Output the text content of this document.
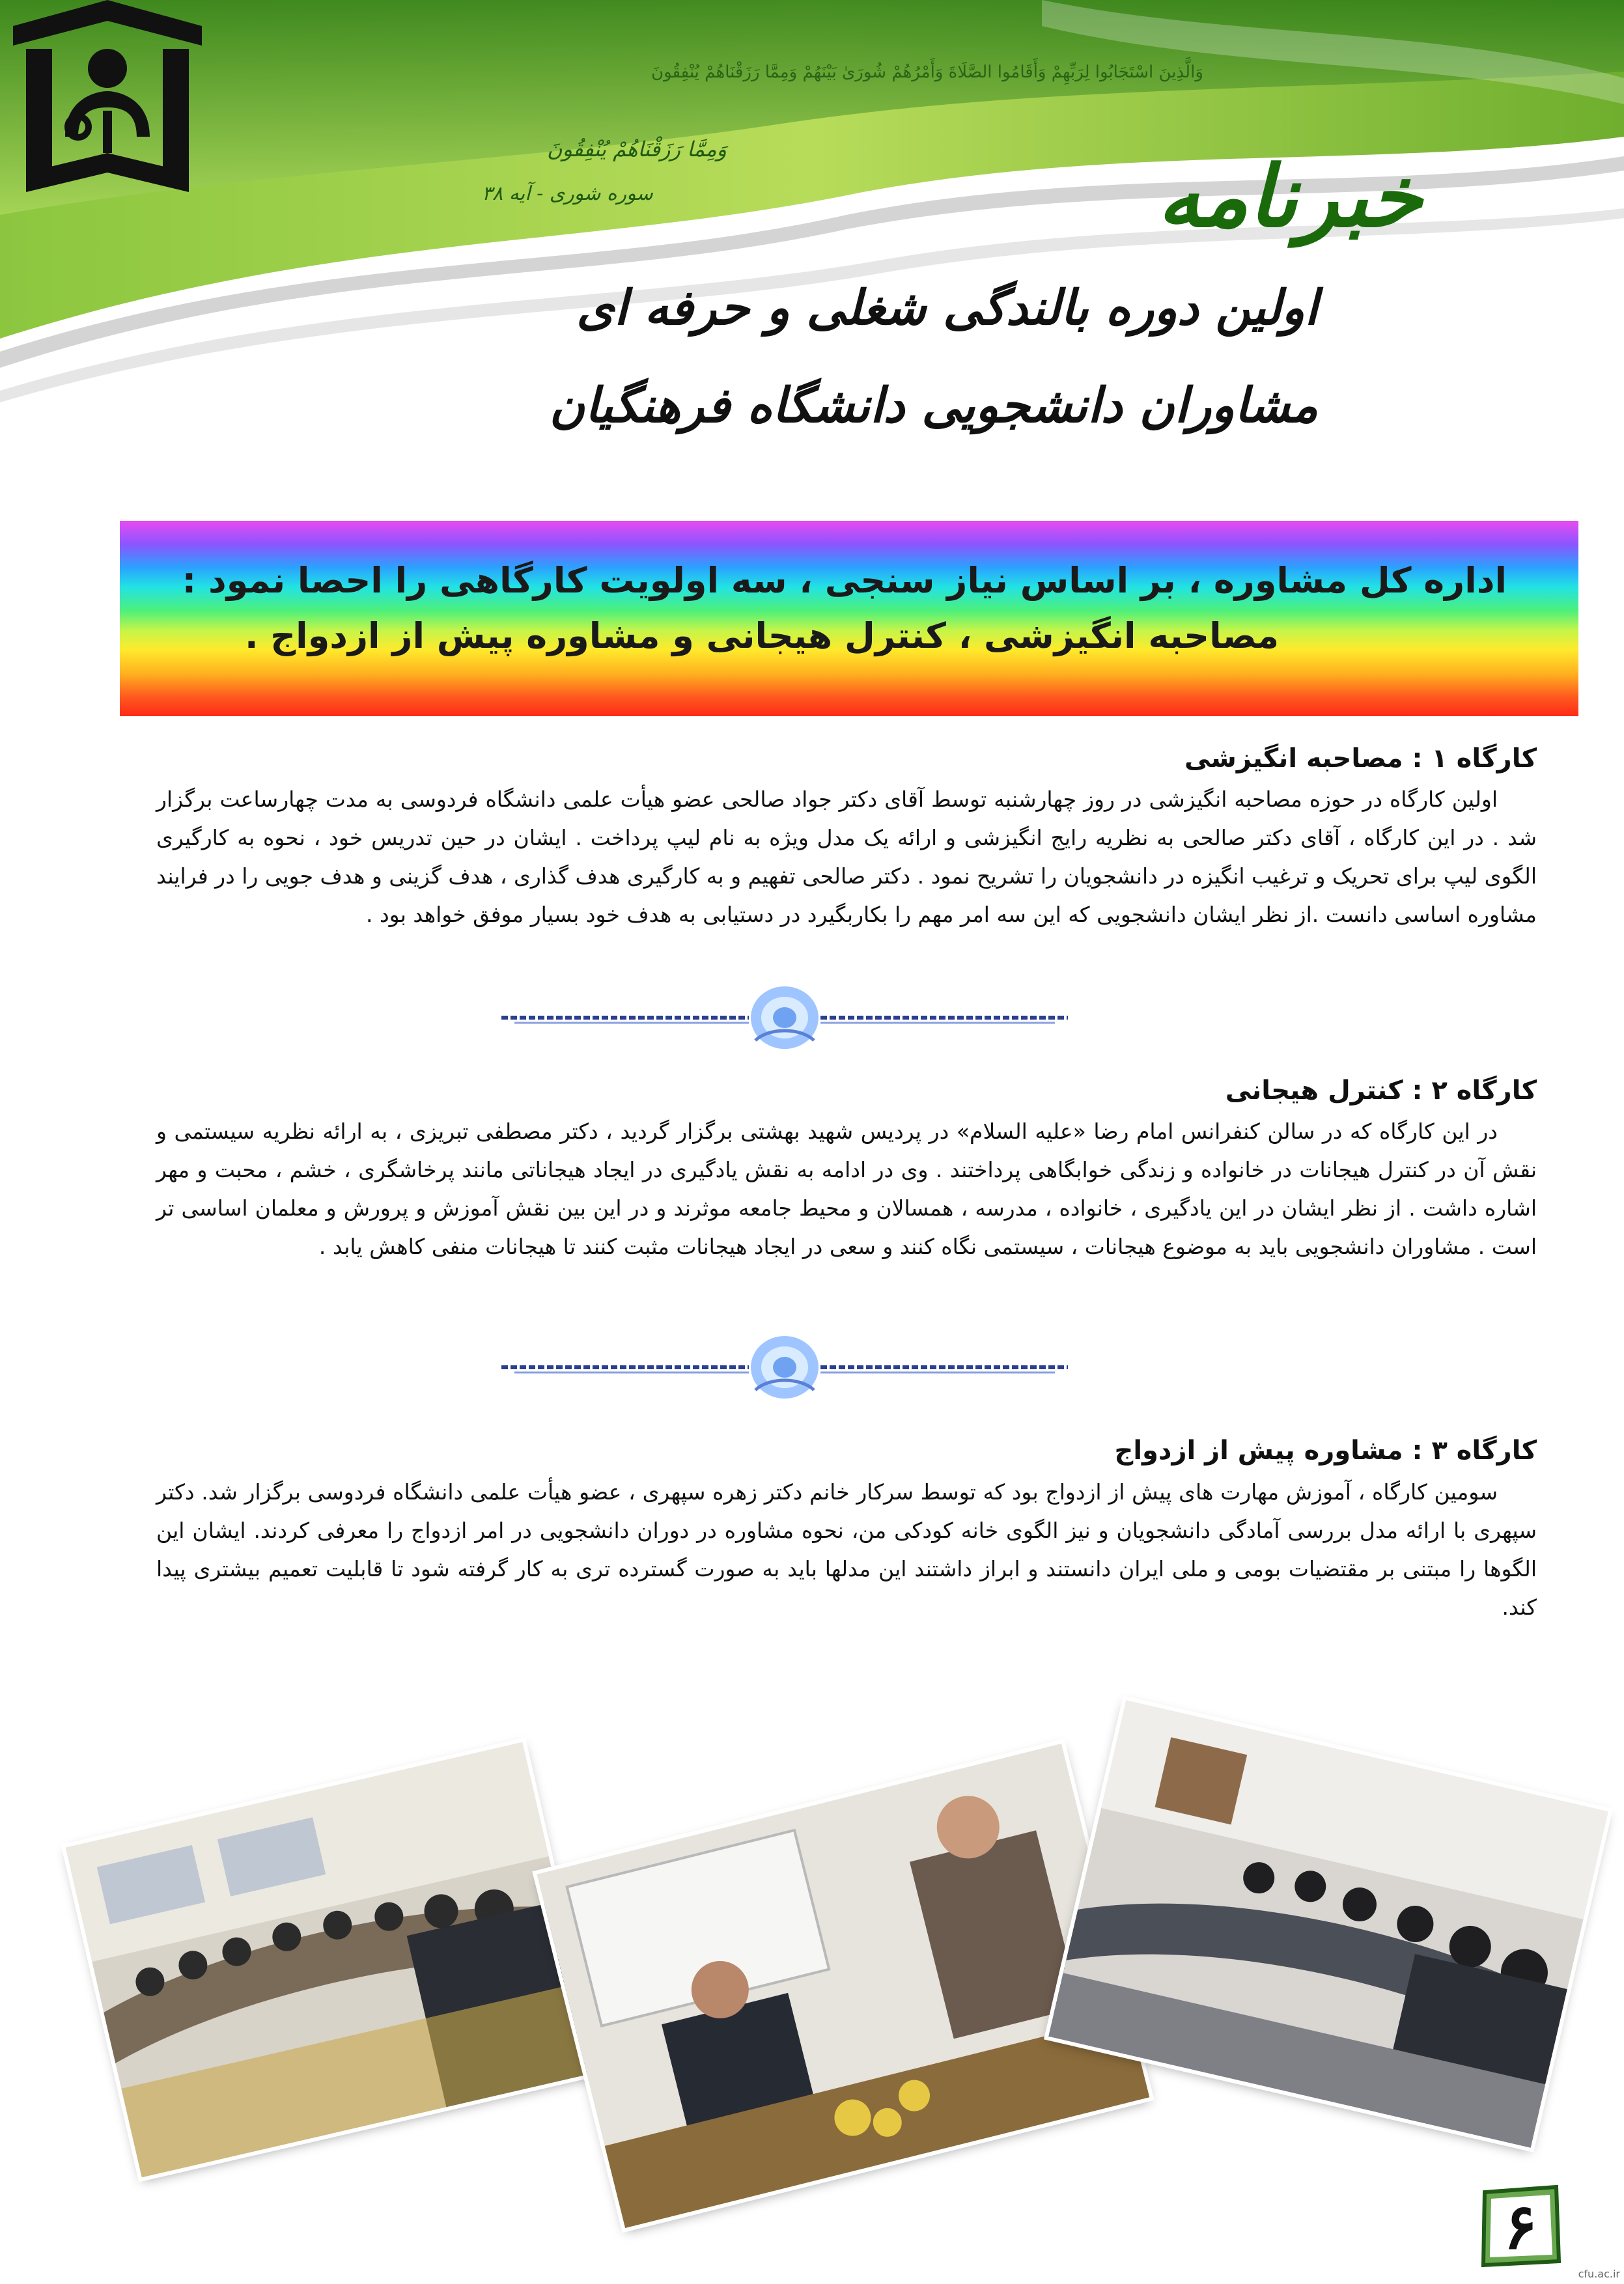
وَالَّذِينَ اسْتَجَابُوا لِرَبِّهِمْ وَأَقَامُوا الصَّلَاةَ وَأَمْرُهُمْ شُورَىٰ بَيْنَهُمْ وَمِمَّا رَزَقْنَاهُمْ يُنْفِقُونَ
وَمِمَّا رَزَقْنَاهُمْ يُنْفِقُونَ
سوره شوری - آیه ۳۸	خبرنامه
اولین دوره بالندگی شغلی و حرفه ای
مشاوران دانشجویی دانشگاه فرهنگیان
اداره کل مشاوره ، بر اساس نیاز سنجی ، سه اولویت کارگاهی را احصا نمود :
مصاحبه انگیزشی ، کنترل هیجانی و مشاوره پیش از ازدواج .
کارگاه ۱ : مصاحبه انگیزشی

اولین کارگاه در حوزه مصاحبه انگیزشی در روز چهارشنبه توسط آقای دکتر جواد صالحی عضو هیأت علمی دانشگاه فردوسی به مدت چهارساعت برگزار شد . در این کارگاه ، آقای دکتر صالحی به نظریه رایج انگیزشی و ارائه یک مدل ویژه به نام لیپ پرداخت . ایشان در حین تدریس خود ، نحوه به کارگیری الگوی لیپ برای تحریک و ترغیب انگیزه در دانشجویان را تشریح نمود . دکتر صالحی تفهیم و به کارگیری هدف گذاری ، هدف گزینی و هدف جویی را در فرایند مشاوره اساسی دانست .از نظر ایشان دانشجویی که این سه امر مهم را بکاربگیرد در دستیابی به هدف خود بسیار موفق خواهد بود .

کارگاه ۲ : کنترل هیجانی

در این کارگاه که در سالن کنفرانس امام رضا «علیه السلام» در پردیس شهید بهشتی برگزار گردید ، دکتر مصطفی تبریزی ، به ارائه نظریه سیستمی و نقش آن در کنترل هیجانات در خانواده و زندگی خوابگاهی پرداختند . وی در ادامه به نقش یادگیری در ایجاد هیجاناتی مانند پرخاشگری ، خشم ، محبت و مهر اشاره داشت . از نظر ایشان در این یادگیری ، خانواده ، مدرسه ، همسالان و محیط جامعه موثرند و در این بین نقش آموزش و پرورش و معلمان اساسی تر است . مشاوران دانشجویی باید به موضوع هیجانات ، سیستمی نگاه کنند و سعی در ایجاد هیجانات مثبت کنند تا هیجانات منفی کاهش یابد .

کارگاه ۳ : مشاوره پیش از ازدواج

سومین کارگاه ، آموزش مهارت های پیش از ازدواج بود که توسط سرکار خانم دکتر زهره سپهری ، عضو هیأت علمی دانشگاه فردوسی برگزار شد. دکتر سپهری با ارائه مدل بررسی آمادگی دانشجویان و نیز الگوی خانه کودکی من، نحوه مشاوره در دوران دانشجویی در امر ازدواج را معرفی کردند. ایشان این الگوها را مبتنی بر مقتضیات بومی و ملی ایران دانستند و ابراز داشتند این مدلها باید به صورت گسترده تری به کار گرفته شود تا قابلیت تعمیم بیشتری پیدا کند.

۶
cfu.ac.ir
